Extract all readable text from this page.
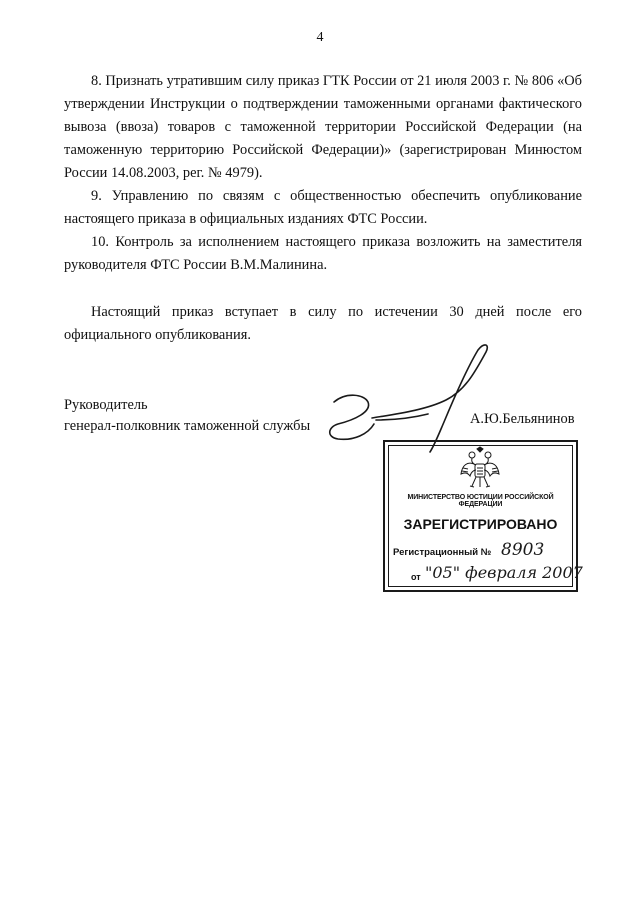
4

8. Признать утратившим силу приказ ГТК России от 21 июля 2003 г. № 806 «Об утверждении Инструкции о подтверждении таможенными органами фактического вывоза (ввоза) товаров с таможенной территории Российской Федерации (на таможенную территорию Российской Федерации)» (зарегистрирован Минюстом России 14.08.2003, рег. № 4979).

9. Управлению по связям с общественностью обеспечить опубликование настоящего приказа в официальных изданиях ФТС России.

10. Контроль за исполнением настоящего приказа возложить на заместителя руководителя ФТС России В.М.Малинина.

Настоящий приказ вступает в силу по истечении 30 дней после его официального опубликования.

Руководитель
генерал-полковник таможенной службы	А.Ю.Бельянинов
МИНИСТЕРСТВО ЮСТИЦИИ РОССИЙСКОЙ ФЕДЕРАЦИИ
ЗАРЕГИСТРИРОВАНО
Регистрационный № 8903
от "05" февраля 2007
